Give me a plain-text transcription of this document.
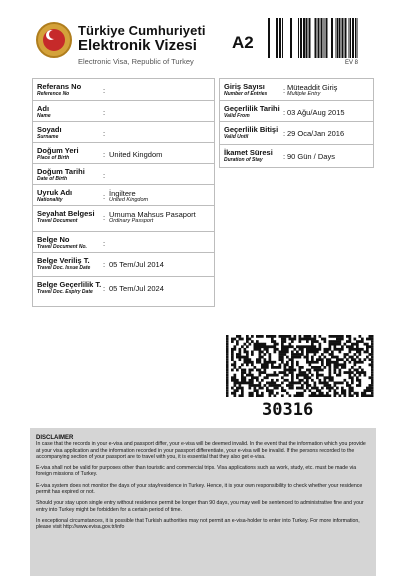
Türkiye Cumhuriyeti
Elektronik Vizesi
Electronic Visa, Republic of Turkey
A2
EV 8
Referans No
Reference No	:
Adı
Name	:
Soyadı
Surname	:
Doğum Yeri
Place of Birth	: United Kingdom
Doğum Tarihi
Date of Birth	:
Uyruk Adı
Nationality	: İngiltere
United Kingdom
Seyahat Belgesi
Travel Document	: Umuma Mahsus Pasaport
Ordinary Passport
Belge No
Travel Document No. :
Belge Veriliş T.
Travel Doc. Issue Date : 05 Tem/Jul 2014
Belge Geçerlilik T.
Travel Doc. Expiry Date : 05 Tem/Jul 2024
Giriş Sayısı
Number of Entries : Müteaddit Giriş
Multiple Entry
Geçerlilik Tarihi
Valid From	: 03 Ağu/Aug 2015
Geçerlilik Bitişi
Valid Until	: 29 Oca/Jan 2016
İkamet Süresi
Duration of Stay	: 90 Gün / Days
30316
DISCLAIMER

In case that the records in your e-visa and passport differ, your e-visa will be deemed invalid. In the event that the information which you provide at your visa application and the information recorded in your passport differentiate, your e-visa will be invalid. If the persons recorded to the accompanying section of your passport are to travel with you, it is essential that they also get e-visa.

E-visa shall not be valid for purposes other than touristic and commercial trips. Visa applications such as work, study, etc. must be made via foreign missions of Turkey.

E-visa system does not monitor the days of your stay/residence in Turkey. Hence, it is your own responsibility to check whether your residence permit has expired or not.

Should your stay upon single entry without residence permit be longer than 90 days, you may well be sentenced to administrative fine and your entry into Turkey might be forbidden for a certain period of time.

In exceptional circumstances, it is possible that Turkish authorities may not permit an e-visa-holder to enter into Turkey. For more information, please visit http://www.evisa.gov.tr/info
